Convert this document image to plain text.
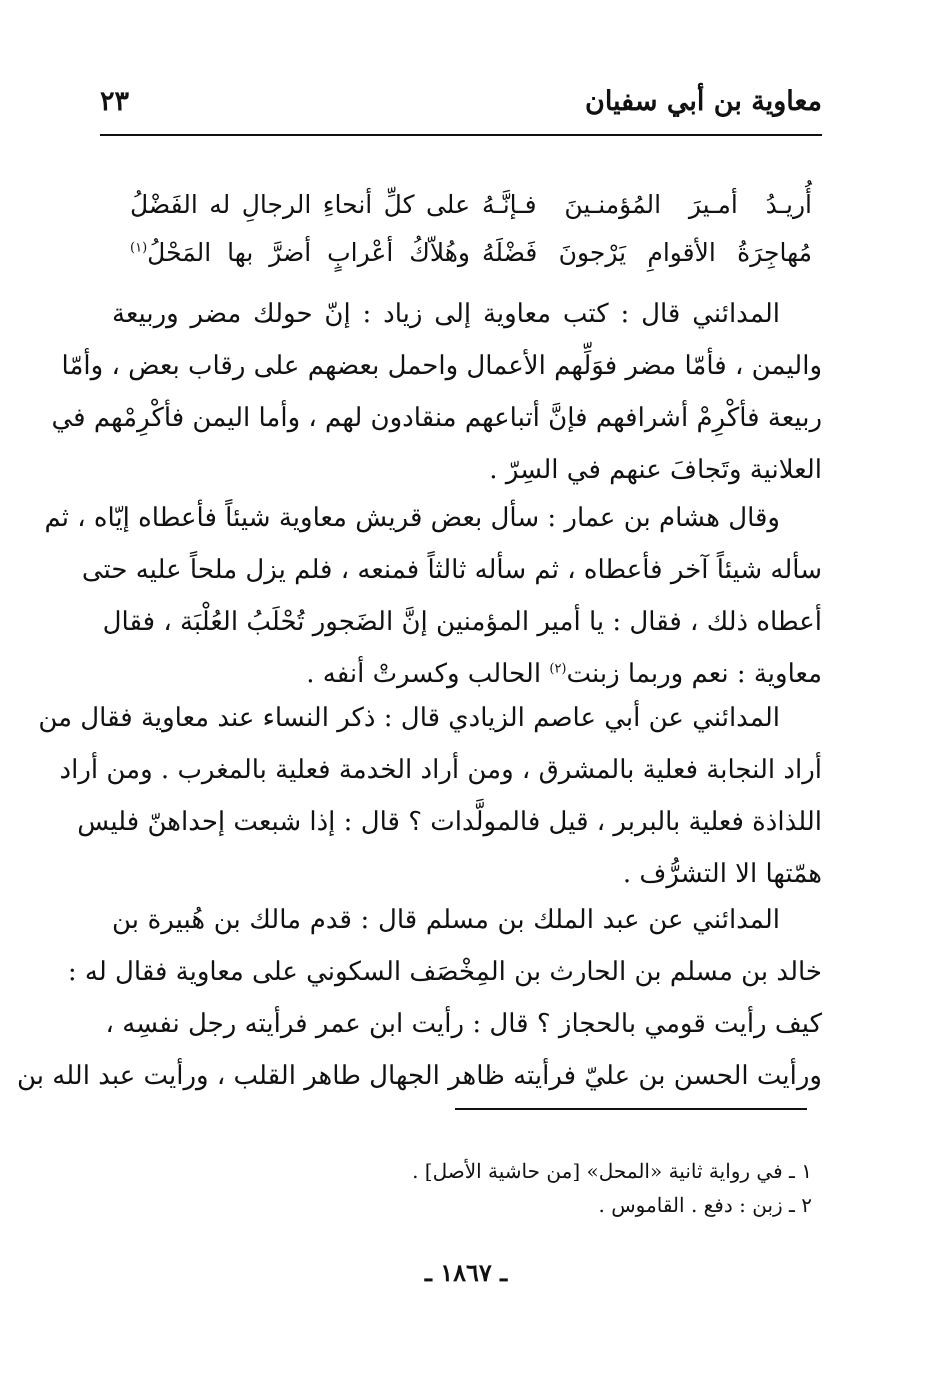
معاوية بن أبي سفيان
٢٣
أُريـدُ أمـيرَ المُؤمنـينَ فـإنَّـهُ
على كلِّ أنحاءِ الرجالِ له الفَضْلُ
مُهاجِرَةُ الأقوامِ يَرْجونَ فَضْلَهُ
وهُلاّكُ أعْرابٍ أضرَّ بها المَحْلُ$^{(١)}$
المدائني قال : كتب معاوية إلى زياد : إنّ حولك مضر وربيعة
واليمن ، فأمّا مضر فوَلِّهم الأعمال واحمل بعضهم على رقاب بعض ، وأمّا
ربيعة فأكْرِمْ أشرافهم فإنَّ أتباعهم منقادون لهم ، وأما اليمن فأكْرِمْهم في
العلانية وتَجافَ عنهم في السِرّ .
وقال هشام بن عمار : سأل بعض قريش معاوية شيئاً فأعطاه إيّاه ، ثم
سأله شيئاً آخر فأعطاه ، ثم سأله ثالثاً فمنعه ، فلم يزل ملحاً عليه حتى
أعطاه ذلك ، فقال : يا أمير المؤمنين إنَّ الضَجور تُحْلَبُ العُلْبَة ، فقال
معاوية : نعم وربما زبنت$^{(٢)}$ الحالب وكسرتْ أنفه .
المدائني عن أبي عاصم الزيادي قال : ذكر النساء عند معاوية فقال من
أراد النجابة فعلية بالمشرق ، ومن أراد الخدمة فعلية بالمغرب . ومن أراد
اللذاذة فعلية بالبربر ، قيل فالمولَّدات ؟ قال : إذا شبعت إحداهنّ فليس
همّتها الا التشرُّف .
المدائني عن عبد الملك بن مسلم قال : قدم مالك بن هُبيرة بن
خالد بن مسلم بن الحارث بن المِخْصَف السكوني على معاوية فقال له :
كيف رأيت قومي بالحجاز ؟ قال : رأيت ابن عمر فرأيته رجل نفسِه ،
ورأيت الحسن بن عليّ فرأيته ظاهر الجهال طاهر القلب ، ورأيت عبد الله بن
١ ـ في رواية ثانية «المحل» [من حاشية الأصل] .
٢ ـ زبن : دفع . القاموس .
ـ ١٨٦٧ ـ
